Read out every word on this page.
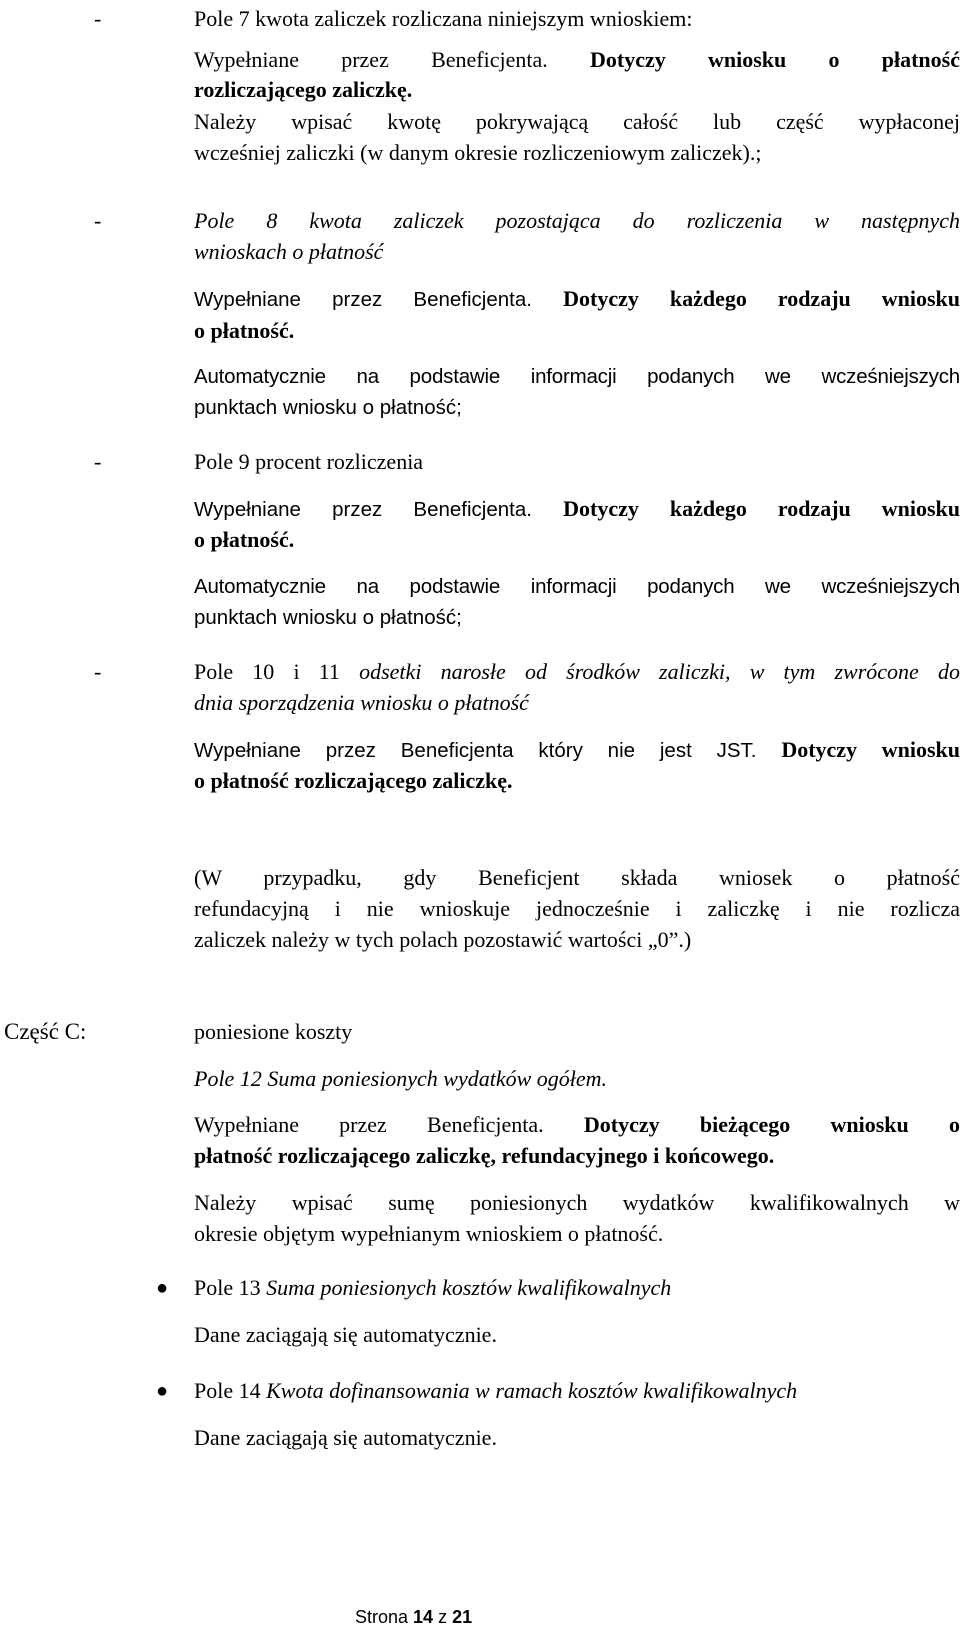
-	Pole 7 kwota zaliczek rozliczana niniejszym wnioskiem:
Wypełniane przez Beneficjenta. Dotyczy wniosku o płatność
rozliczającego zaliczkę.
Należy wpisać kwotę pokrywającą całość lub część wypłaconej
wcześniej zaliczki (w danym okresie rozliczeniowym zaliczek).;
-	Pole 8 kwota zaliczek pozostająca do rozliczenia w następnych
wnioskach o płatność
Wypełniane przez Beneficjenta. Dotyczy każdego rodzaju wniosku
o płatność.
Automatycznie na podstawie informacji podanych we wcześniejszych
punktach wniosku o płatność;
-	Pole 9 procent rozliczenia
Wypełniane przez Beneficjenta. Dotyczy każdego rodzaju wniosku
o płatność.
Automatycznie na podstawie informacji podanych we wcześniejszych
punktach wniosku o płatność;
-	Pole 10 i 11 odsetki narosłe od środków zaliczki, w tym zwrócone do
dnia sporządzenia wniosku o płatność
Wypełniane przez Beneficjenta który nie jest JST. Dotyczy wniosku
o płatność rozliczającego zaliczkę.
(W przypadku, gdy Beneficjent składa wniosek o płatność
refundacyjną i nie wnioskuje jednocześnie i zaliczkę i nie rozlicza
zaliczek należy w tych polach pozostawić wartości „0”.)
Część C:	poniesione koszty
Pole 12 Suma poniesionych wydatków ogółem.
Wypełniane przez Beneficjenta. Dotyczy bieżącego wniosku o
płatność rozliczającego zaliczkę, refundacyjnego i końcowego.
Należy wpisać sumę poniesionych wydatków kwalifikowalnych w
okresie objętym wypełnianym wnioskiem o płatność.
● Pole 13 Suma poniesionych kosztów kwalifikowalnych
Dane zaciągają się automatycznie.
● Pole 14 Kwota dofinansowania w ramach kosztów kwalifikowalnych
Dane zaciągają się automatycznie.
Strona 14 z 21
